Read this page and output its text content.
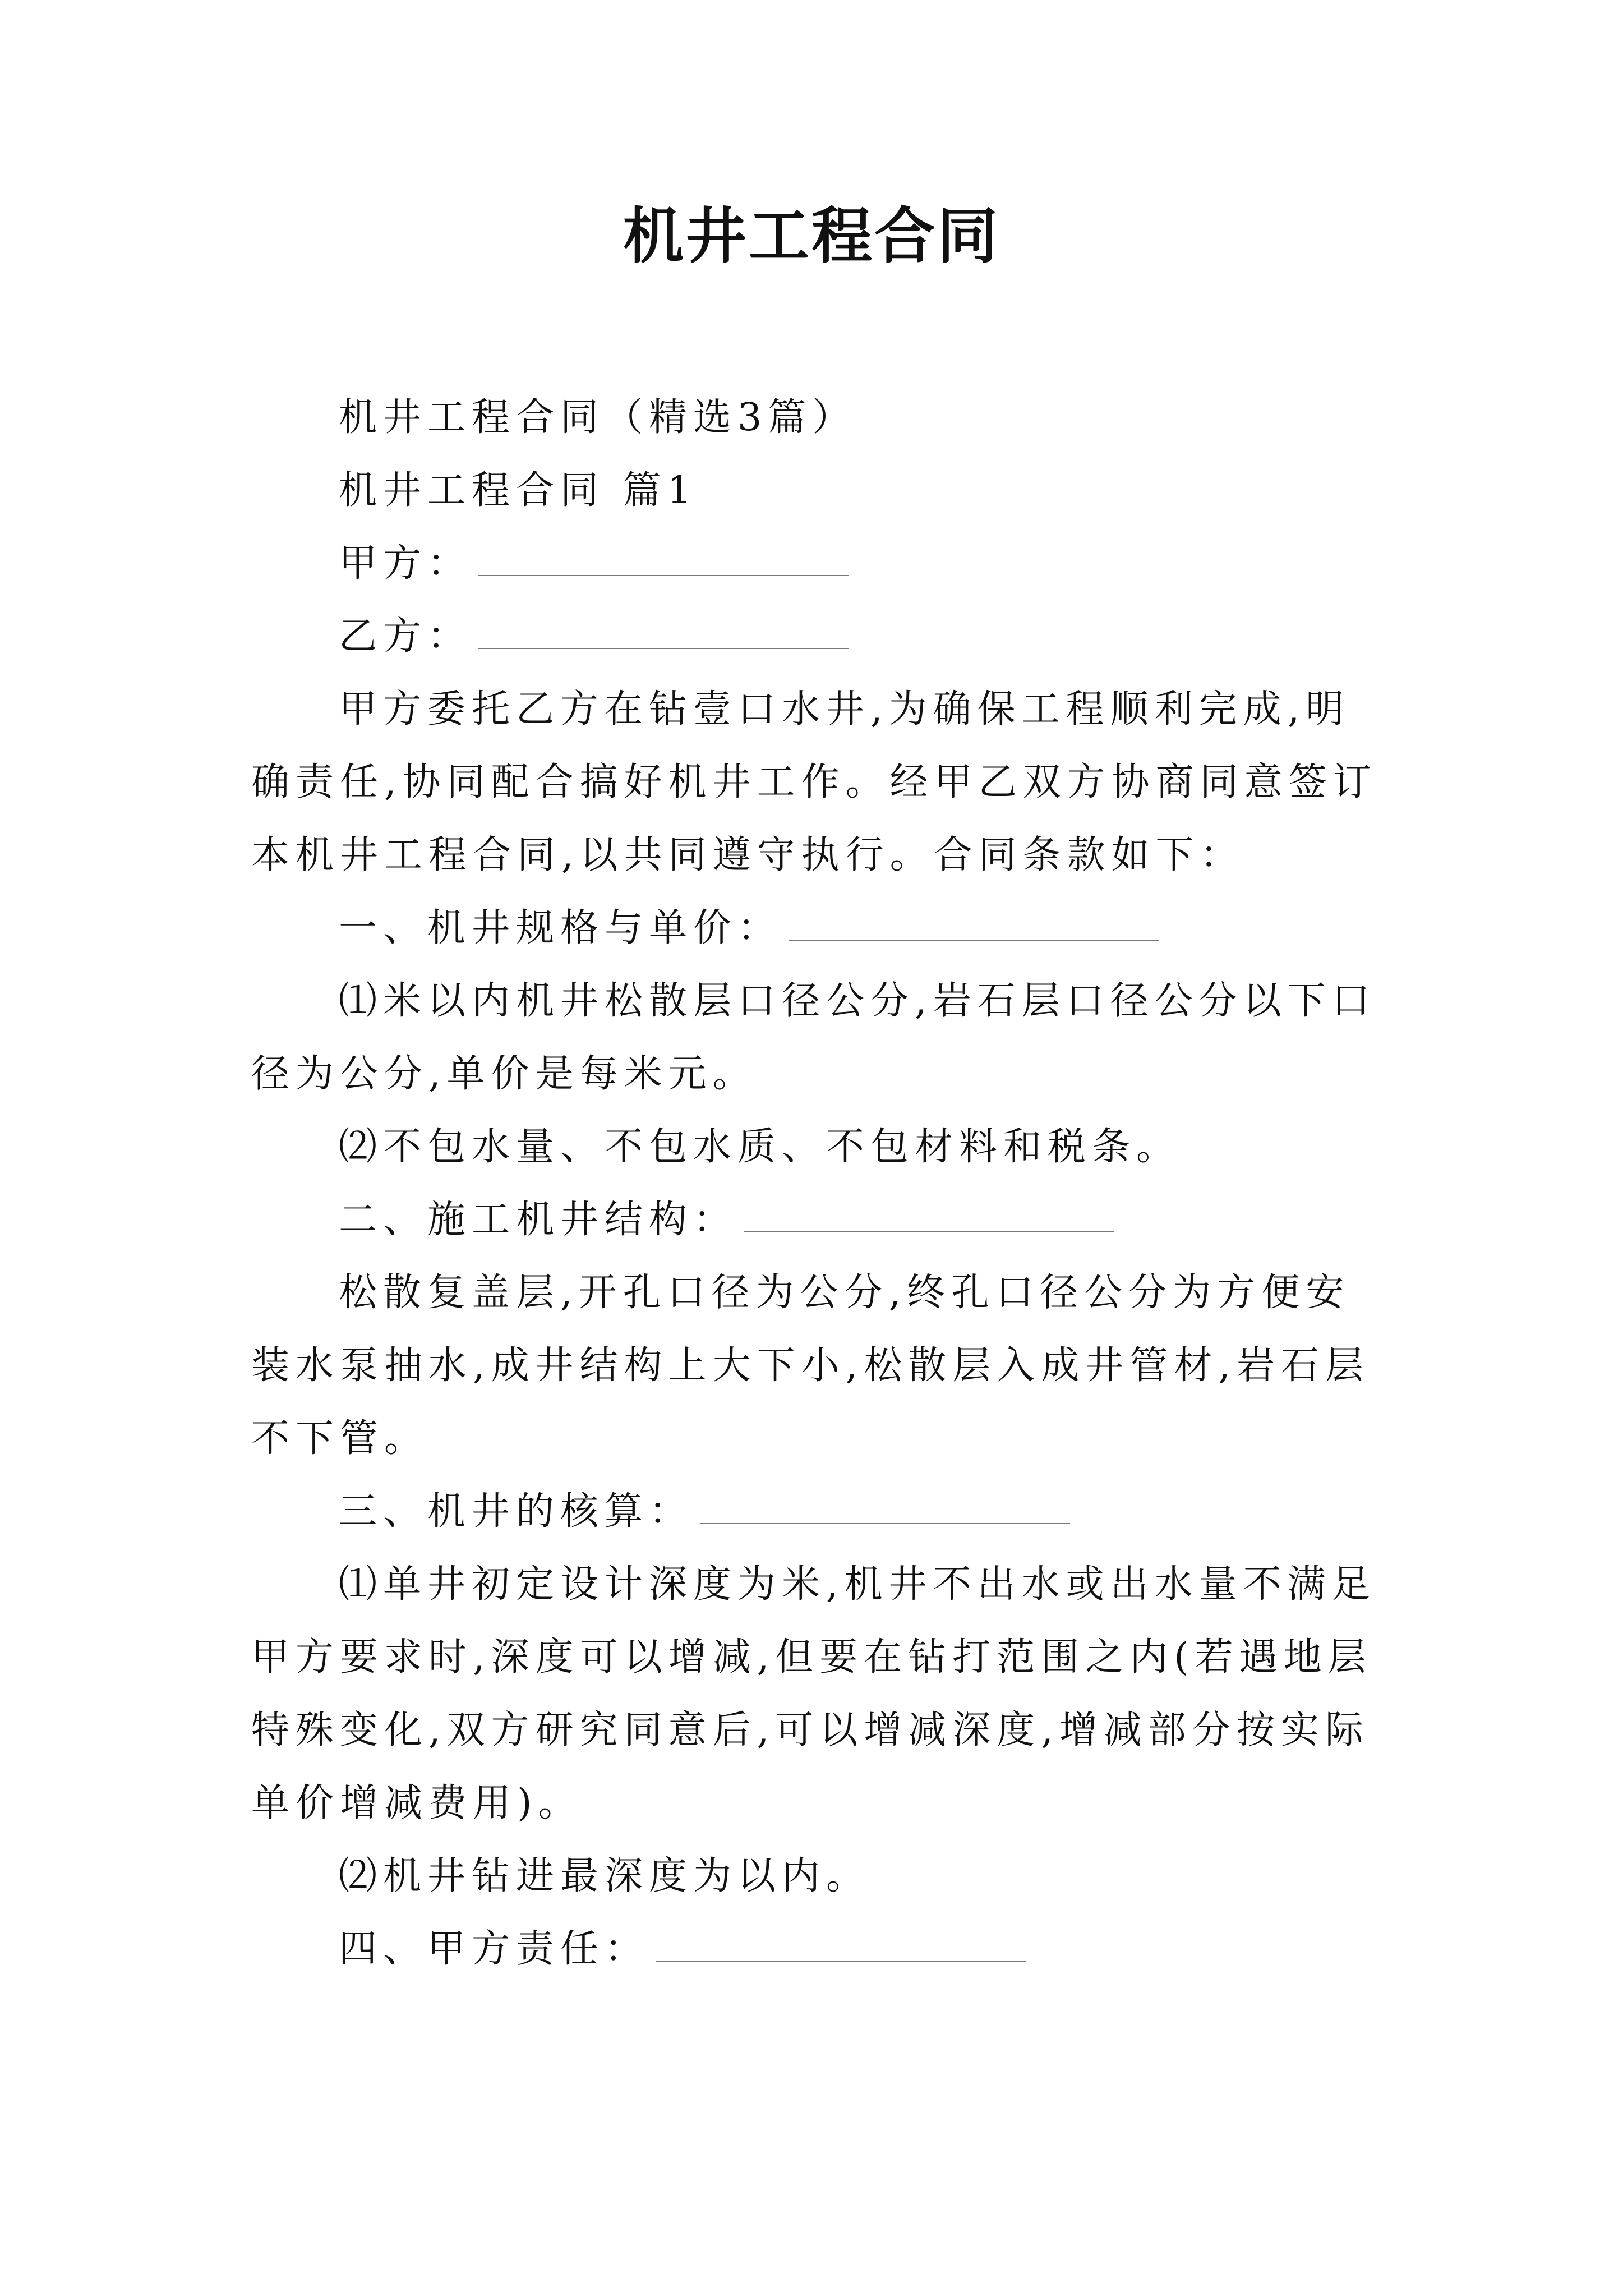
机井工程合同

机井工程合同（精选3篇）

机井工程合同 篇1

甲方：

乙方：

甲方委托乙方在钻壹口水井,为确保工程顺利完成,明确责任,协同配合搞好机井工作。经甲乙双方协商同意签订本机井工程合同,以共同遵守执行。合同条款如下：

一、机井规格与单价：

⑴米以内机井松散层口径公分,岩石层口径公分以下口径为公分,单价是每米元。

⑵不包水量、不包水质、不包材料和税条。

二、施工机井结构：

松散复盖层,开孔口径为公分,终孔口径公分为方便安装水泵抽水,成井结构上大下小,松散层入成井管材,岩石层不下管。

三、机井的核算：

⑴单井初定设计深度为米,机井不出水或出水量不满足甲方要求时,深度可以增减,但要在钻打范围之内(若遇地层特殊变化,双方研究同意后,可以增减深度,增减部分按实际单价增减费用)。

⑵机井钻进最深度为以内。

四、甲方责任：
